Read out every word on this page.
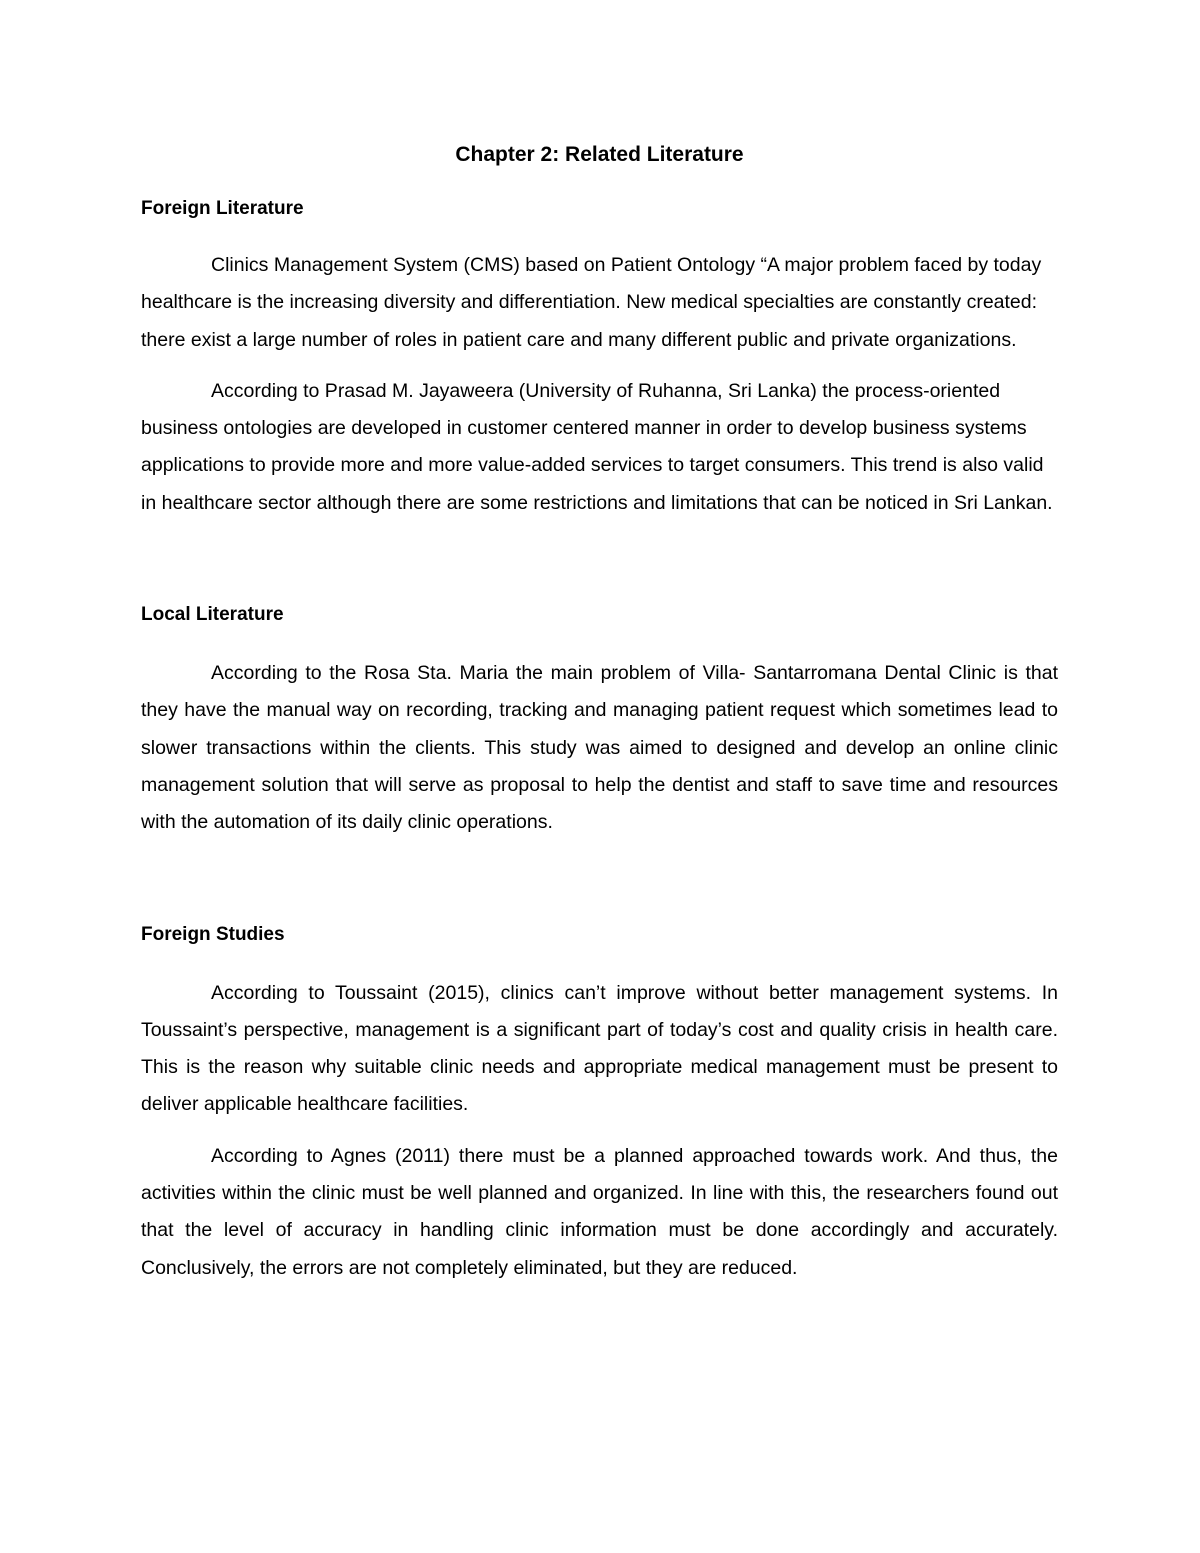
Chapter 2: Related Literature
Foreign Literature

Clinics Management System (CMS) based on Patient Ontology “A major problem faced by today healthcare is the increasing diversity and differentiation. New medical specialties are constantly created: there exist a large number of roles in patient care and many different public and private organizations.

According to Prasad M. Jayaweera (University of Ruhanna, Sri Lanka) the process-oriented business ontologies are developed in customer centered manner in order to develop business systems applications to provide more and more value-added services to target consumers. This trend is also valid in healthcare sector although there are some restrictions and limitations that can be noticed in Sri Lankan.

Local Literature

According to the Rosa Sta. Maria the main problem of Villa- Santarromana Dental Clinic is that they have the manual way on recording, tracking and managing patient request which sometimes lead to slower transactions within the clients. This study was aimed to designed and develop an online clinic management solution that will serve as proposal to help the dentist and staff to save time and resources with the automation of its daily clinic operations.

Foreign Studies

According to Toussaint (2015), clinics can’t improve without better management systems. In Toussaint’s perspective, management is a significant part of today’s cost and quality crisis in health care. This is the reason why suitable clinic needs and appropriate medical management must be present to deliver applicable healthcare facilities.

According to Agnes (2011) there must be a planned approached towards work. And thus, the activities within the clinic must be well planned and organized. In line with this, the researchers found out that the level of accuracy in handling clinic information must be done accordingly and accurately. Conclusively, the errors are not completely eliminated, but they are reduced.
